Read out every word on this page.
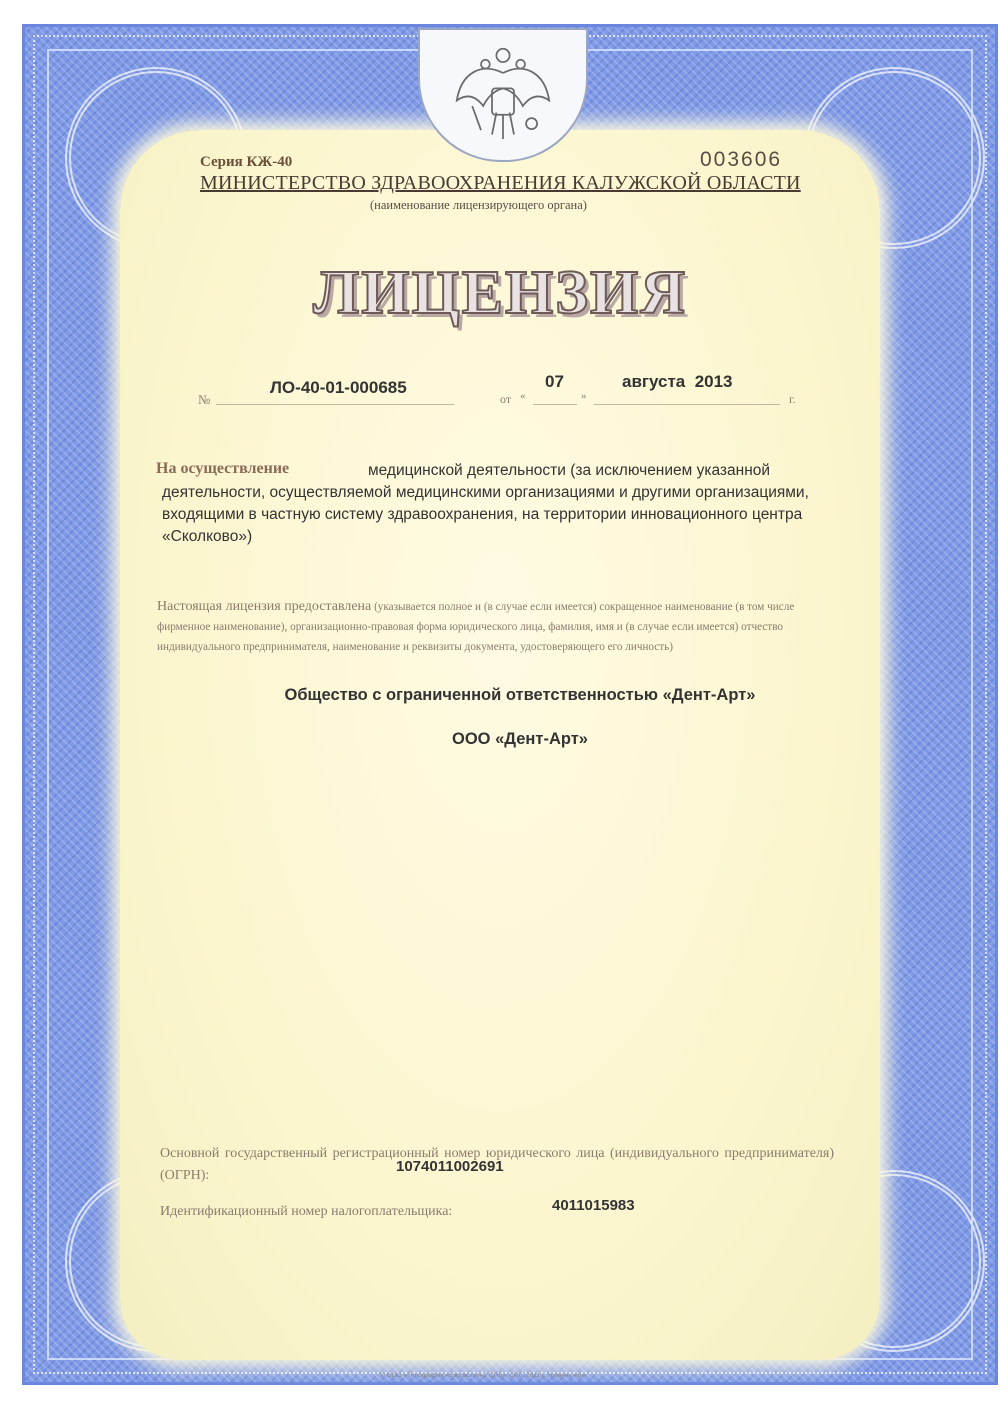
Серия КЖ-40	003606
МИНИСТЕРСТВО ЗДРАВООХРАНЕНИЯ КАЛУЖСКОЙ ОБЛАСТИ
(наименование лицензирующего органа)
ЛИЦЕНЗИЯ
№
ЛО-40-01-000685
от «
07
»
августа  2013
г.
На осуществление	медицинской деятельности (за исключением указанной деятельности, осуществляемой медицинскими организациями и другими организациями, входящими в частную систему здравоохранения, на территории инновационного центра «Сколково»)
Настоящая лицензия предоставлена (указывается полное и (в случае если имеется) сокращенное наименование (в том числе фирменное наименование), организационно-правовая форма юридического лица, фамилия, имя и (в случае если имеется) отчество индивидуального предпринимателя, наименование и реквизиты документа, удостоверяющего его личность)
Общество с ограниченной ответственностью «Дент-Арт»
ООО «Дент-Арт»
Основной государственный регистрационный номер юридического лица (индивидуального предпринимателя) (ОГРН):
1074011002691
Идентификационный номер налогоплательщика:	4011015983
© ООО «Типография «Еврокопия-2 СПб». СПб. 2011 г. Уровень «Б».
